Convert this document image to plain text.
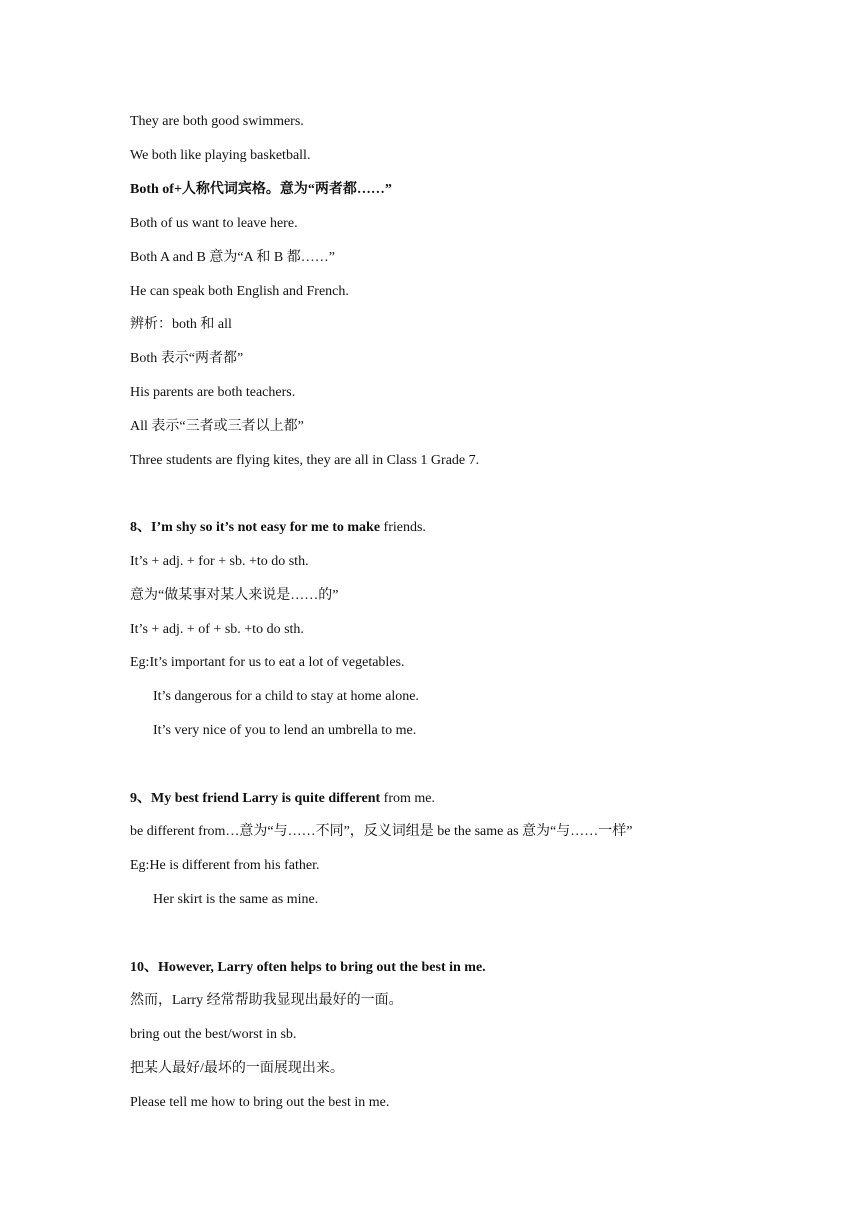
They are both good swimmers.
We both like playing basketball.
Both of+人称代词宾格。意为“两者都……”
Both of us want to leave here.
Both A and B 意为“A 和 B 都……”
He can speak both English and French.
辨析：both 和 all
Both 表示“两者都”
His parents are both teachers.
All 表示“三者或三者以上都”
Three students are flying kites, they are all in Class 1 Grade 7.
8、I’m shy so it’s not easy for me to make friends.
It’s + adj. + for + sb. +to do sth.
意为“做某事对某人来说是……的”
It’s + adj. + of + sb. +to do sth.
Eg:It’s important for us to eat a lot of vegetables.
It’s dangerous for a child to stay at home alone.
It’s very nice of you to lend an umbrella to me.
9、My best friend Larry is quite different from me.
be different from…意为“与……不同”，反义词组是 be the same as 意为“与……一样”
Eg:He is different from his father.
Her skirt is the same as mine.
10、However, Larry often helps to bring out the best in me.
然而，Larry 经常帮助我显现出最好的一面。
bring out the best/worst in sb.
把某人最好/最坏的一面展现出来。
Please tell me how to bring out the best in me.
